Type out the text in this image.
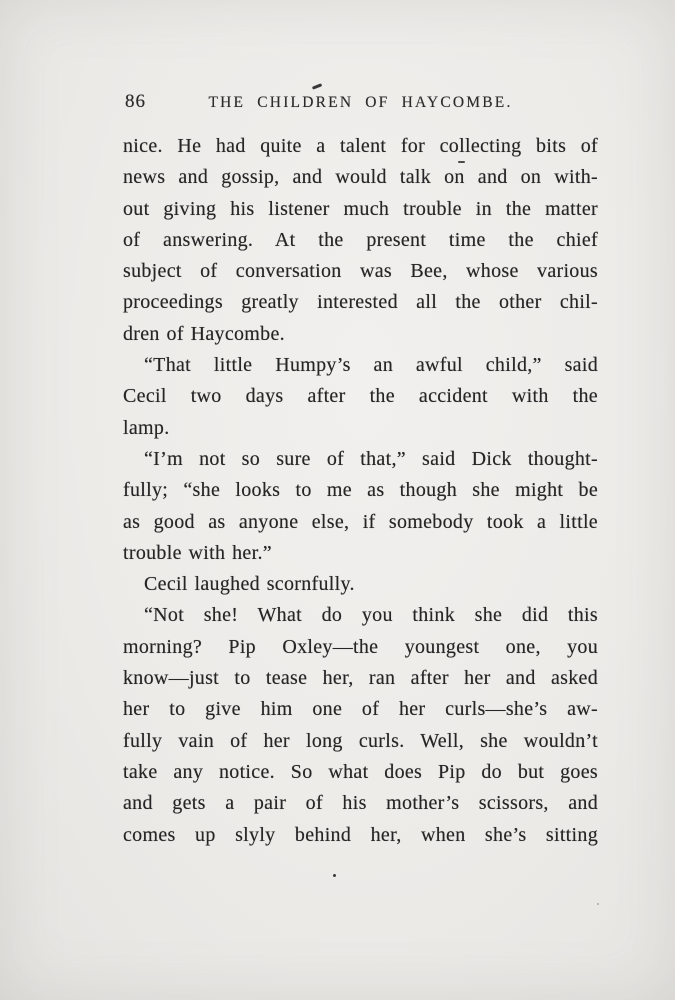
86	THE CHILDREN OF HAYCOMBE.
nice. He had quite a talent for collecting bits of
news and gossip, and would talk on and on with-
out giving his listener much trouble in the matter
of answering. At the present time the chief
subject of conversation was Bee, whose various
proceedings greatly interested all the other chil-
dren of Haycombe.
“That little Humpy’s an awful child,” said
Cecil two days after the accident with the
lamp.
“I’m not so sure of that,” said Dick thought-
fully; “she looks to me as though she might be
as good as anyone else, if somebody took a little
trouble with her.”
Cecil laughed scornfully.
“Not she! What do you think she did this
morning? Pip Oxley—the youngest one, you
know—just to tease her, ran after her and asked
her to give him one of her curls—she’s aw-
fully vain of her long curls. Well, she wouldn’t
take any notice. So what does Pip do but goes
and gets a pair of his mother’s scissors, and
comes up slyly behind her, when she’s sitting
